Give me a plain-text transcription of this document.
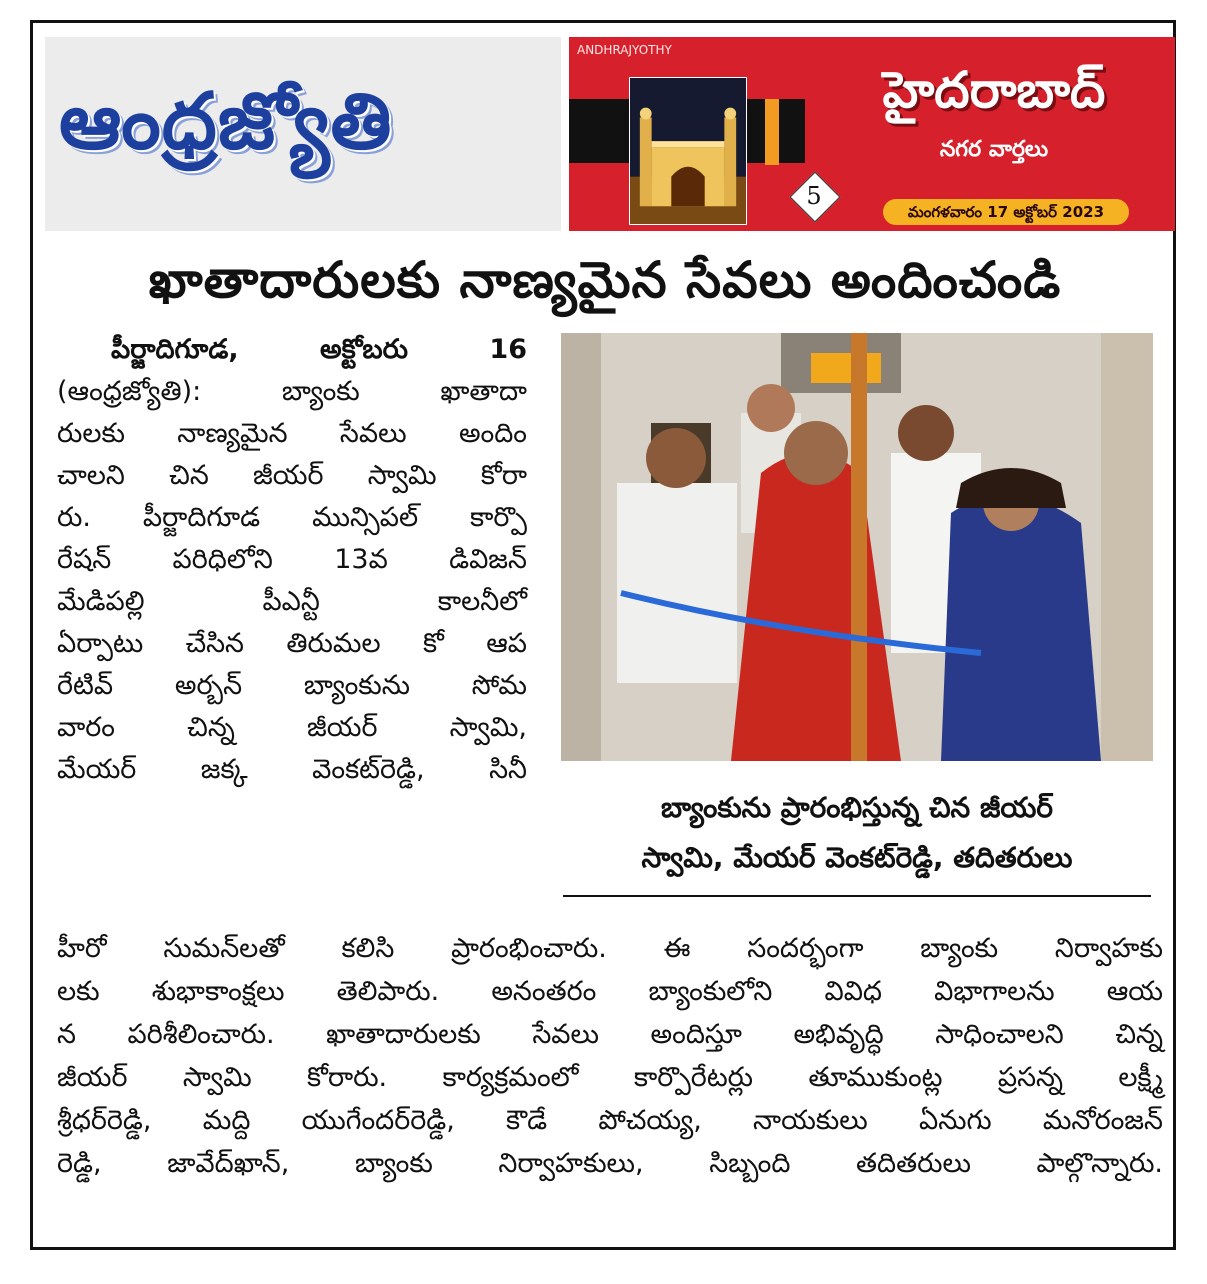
ఆంధ్రజ్యోతి
ANDHRAJYOTHY
5
హైదరాబాద్
నగర వార్తలు
మంగళవారం 17 అక్టోబర్ 2023
ఖాతాదారులకు నాణ్యమైన సేవలు అందించండి
పీర్జాదిగూడ, అక్టోబరు 16
(ఆంధ్రజ్యోతి): బ్యాంకు ఖాతాదా
రులకు నాణ్యమైన సేవలు అందిం
చాలని చిన జీయర్ స్వామి కోరా
రు. పీర్జాదిగూడ మున్సిపల్ కార్పొ
రేషన్ పరిధిలోని 13వ డివిజన్
మేడిపల్లి పీఎన్టీ కాలనీలో
ఏర్పాటు చేసిన తిరుమల కో ఆప
రేటివ్ అర్బన్ బ్యాంకును సోమ
వారం చిన్న జీయర్ స్వామి,
మేయర్ జక్క వెంకట్‌రెడ్డి, సినీ
బ్యాంకును ప్రారంభిస్తున్న చిన జీయర్
స్వామి, మేయర్ వెంకట్‌రెడ్డి, తదితరులు
హీరో సుమన్‌లతో కలిసి ప్రారంభించారు. ఈ సందర్భంగా బ్యాంకు నిర్వాహకు
లకు శుభాకాంక్షలు తెలిపారు. అనంతరం బ్యాంకులోని వివిధ విభాగాలను ఆయ
న పరిశీలించారు. ఖాతాదారులకు సేవలు అందిస్తూ అభివృద్ధి సాధించాలని చిన్న
జీయర్ స్వామి కోరారు. కార్యక్రమంలో కార్పొరేటర్లు తూముకుంట్ల ప్రసన్న లక్ష్మీ
శ్రీధర్‌రెడ్డి, మద్ది యుగేందర్‌రెడ్డి, కౌడే పోచయ్య, నాయకులు ఏనుగు మనోరంజన్
రెడ్డి, జావేద్‌ఖాన్, బ్యాంకు నిర్వాహకులు, సిబ్బంది తదితరులు పాల్గొన్నారు.
